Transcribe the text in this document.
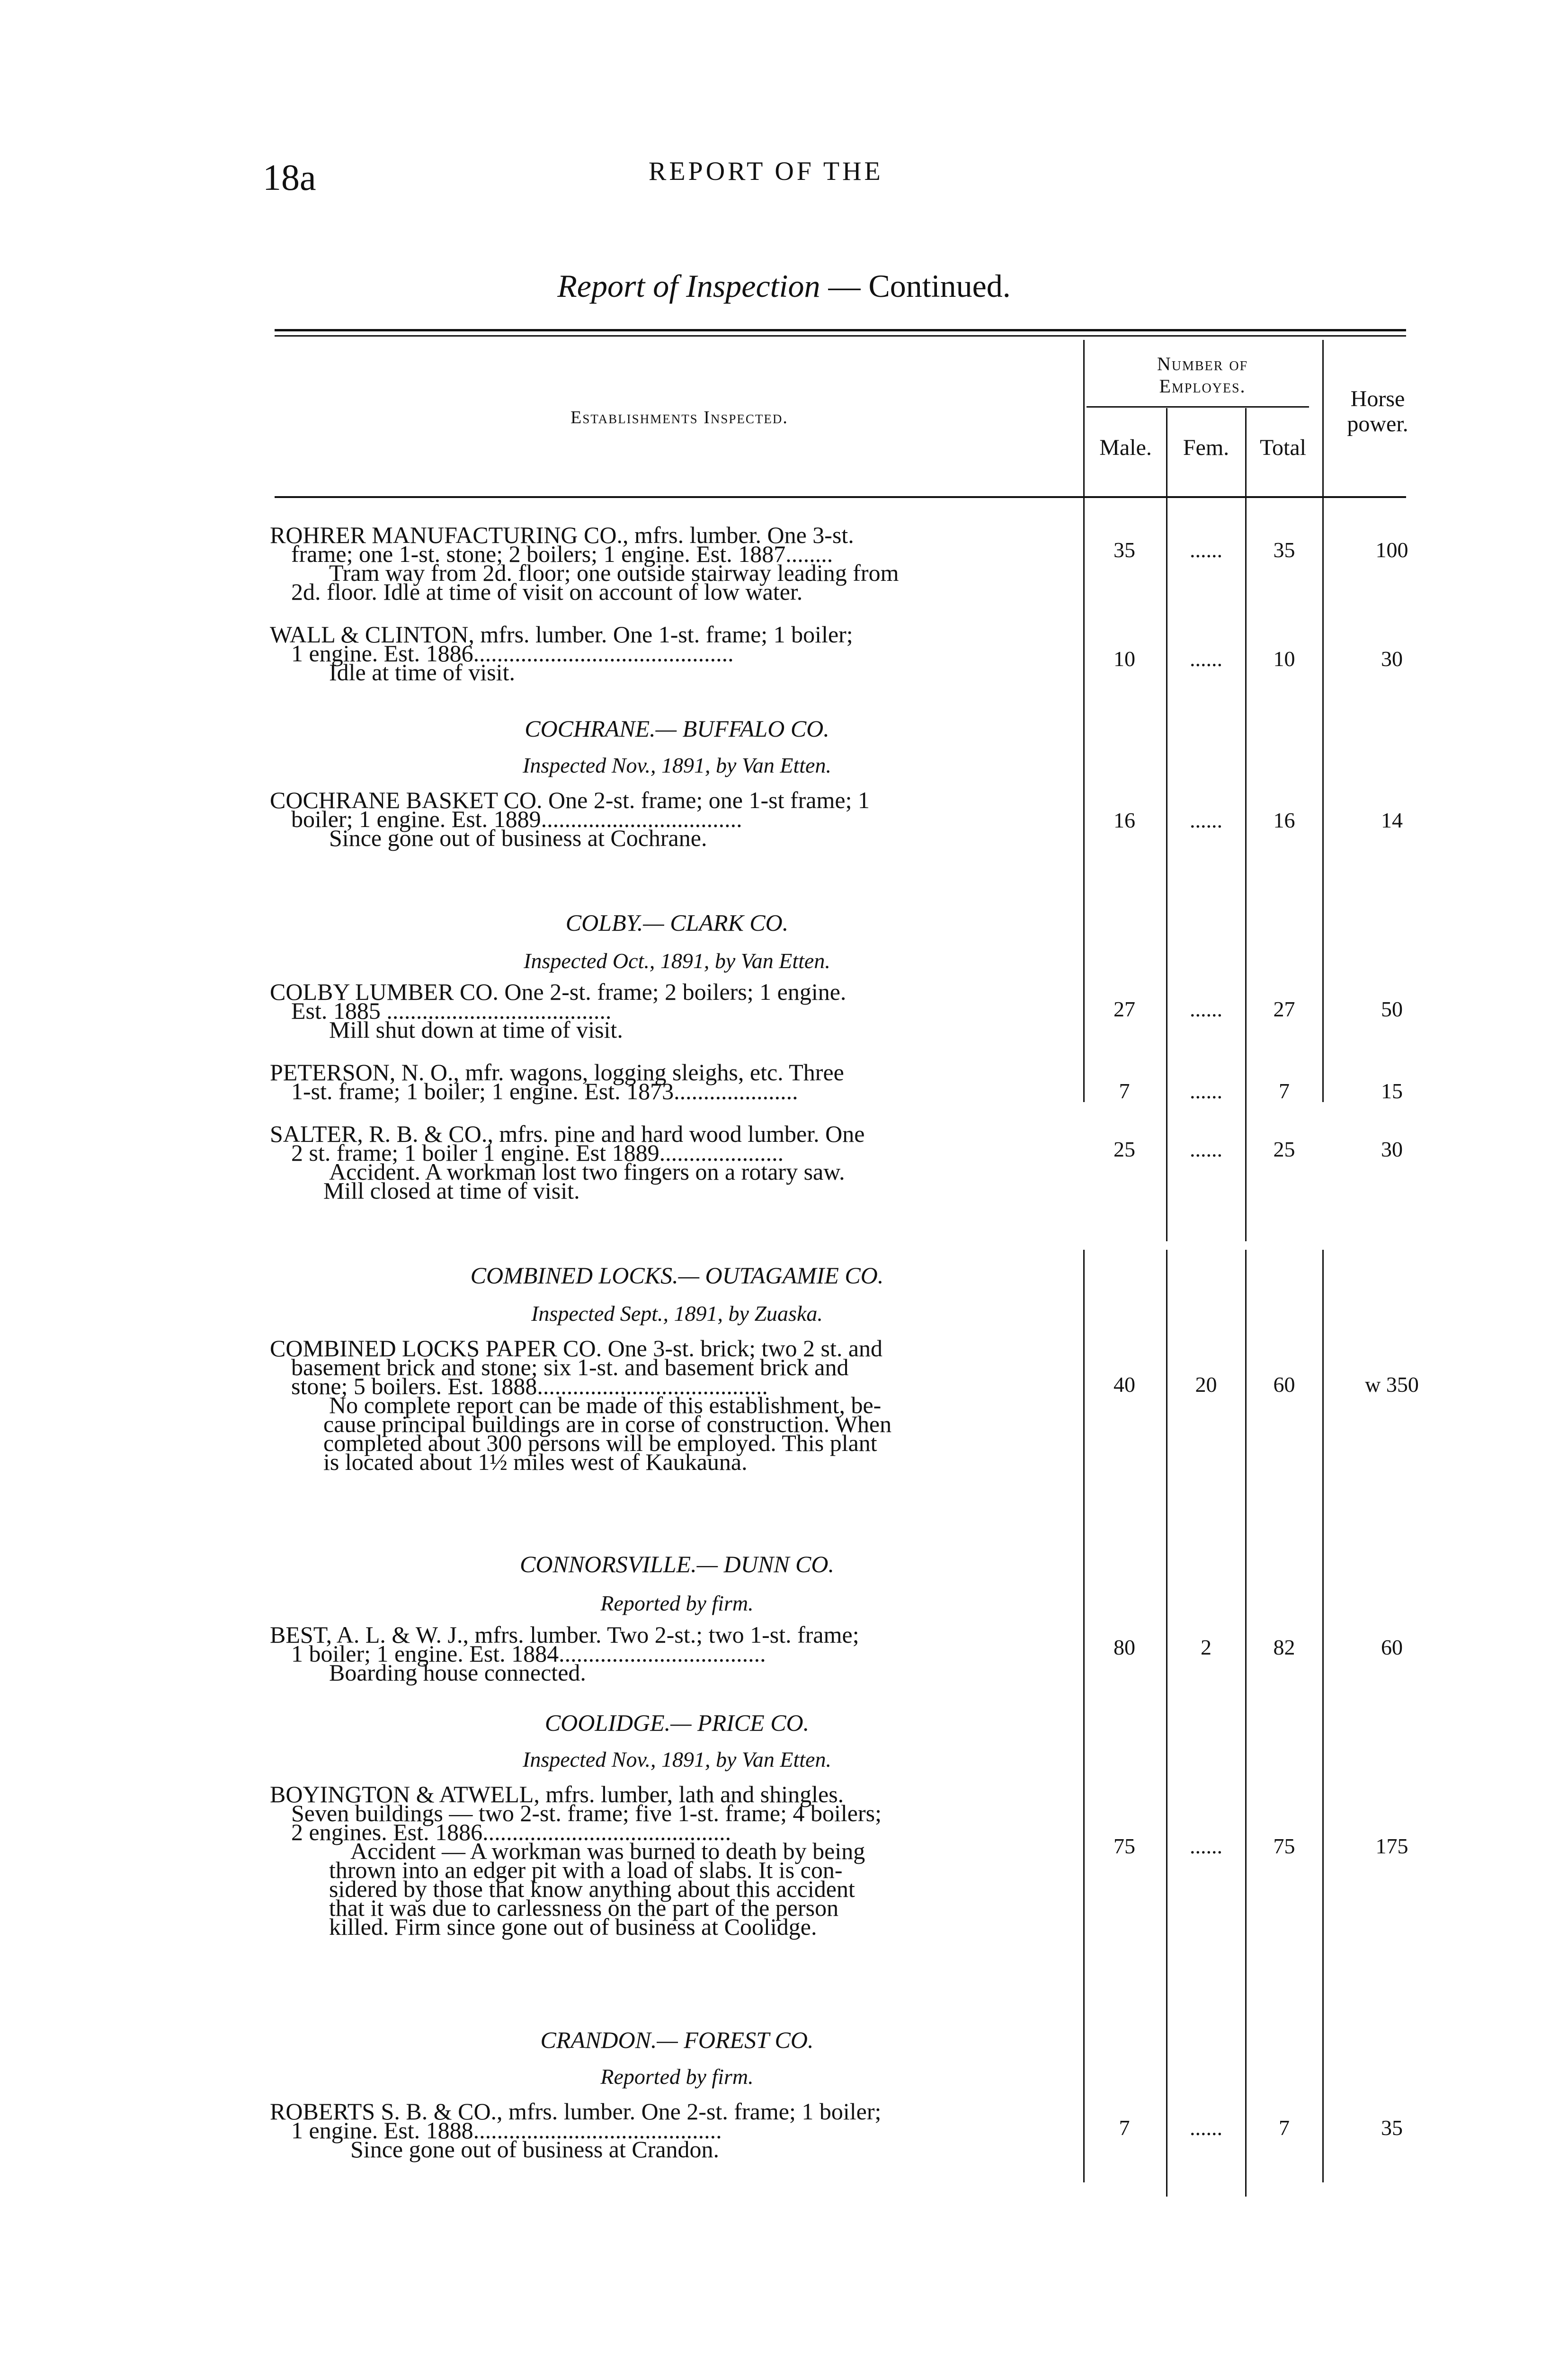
18a	REPORT OF THE
Report of Inspection — Continued.
Establishments Inspected.
Number of
Employes.
Male.	Fem.	Total
Horse
power.
ROHRER MANUFACTURING CO., mfrs. lumber. One 3-st.
frame; one 1-st. stone; 2 boilers; 1 engine. Est. 1887........
Tram way from 2d. floor; one outside stairway leading from
2d. floor. Idle at time of visit on account of low water.
35	......	35	100
WALL & CLINTON, mfrs. lumber. One 1-st. frame; 1 boiler;
1 engine. Est. 1886............................................
Idle at time of visit.
10	......	10	30
COCHRANE.— BUFFALO CO.
Inspected Nov., 1891, by Van Etten.
COCHRANE BASKET CO. One 2-st. frame; one 1-st frame; 1
boiler; 1 engine. Est. 1889..................................
Since gone out of business at Cochrane.
16	......	16	14
COLBY.— CLARK CO.
Inspected Oct., 1891, by Van Etten.
COLBY LUMBER CO. One 2-st. frame; 2 boilers; 1 engine.
Est. 1885 ......................................
Mill shut down at time of visit.
27	......	27	50
PETERSON, N. O., mfr. wagons, logging sleighs, etc. Three
1-st. frame; 1 boiler; 1 engine. Est. 1873.....................	7	......	7	15
SALTER, R. B. & CO., mfrs. pine and hard wood lumber. One
2 st. frame; 1 boiler 1 engine. Est 1889.....................
Accident. A workman lost two fingers on a rotary saw.
Mill closed at time of visit.
25	......	25	30
COMBINED LOCKS.— OUTAGAMIE CO.
Inspected Sept., 1891, by Zuaska.
COMBINED LOCKS PAPER CO. One 3-st. brick; two 2 st. and
basement brick and stone; six 1-st. and basement brick and
stone; 5 boilers. Est. 1888.......................................
No complete report can be made of this establishment, be-
cause principal buildings are in corse of construction. When
completed about 300 persons will be employed. This plant
is located about 1½ miles west of Kaukauna.
40	20	60	w 350
CONNORSVILLE.— DUNN CO.
Reported by firm.
BEST, A. L. & W. J., mfrs. lumber. Two 2-st.; two 1-st. frame;
1 boiler; 1 engine. Est. 1884...................................
Boarding house connected.
80	2	82	60
COOLIDGE.— PRICE CO.
Inspected Nov., 1891, by Van Etten.
BOYINGTON & ATWELL, mfrs. lumber, lath and shingles.
Seven buildings — two 2-st. frame; five 1-st. frame; 4 boilers;
2 engines. Est. 1886..........................................
Accident — A workman was burned to death by being
thrown into an edger pit with a load of slabs. It is con-
sidered by those that know anything about this accident
that it was due to carlessness on the part of the person
killed. Firm since gone out of business at Coolidge.
75	......	75	175
CRANDON.— FOREST CO.
Reported by firm.
ROBERTS S. B. & CO., mfrs. lumber. One 2-st. frame; 1 boiler;
1 engine. Est. 1888..........................................
Since gone out of business at Crandon.
7	......	7	35
